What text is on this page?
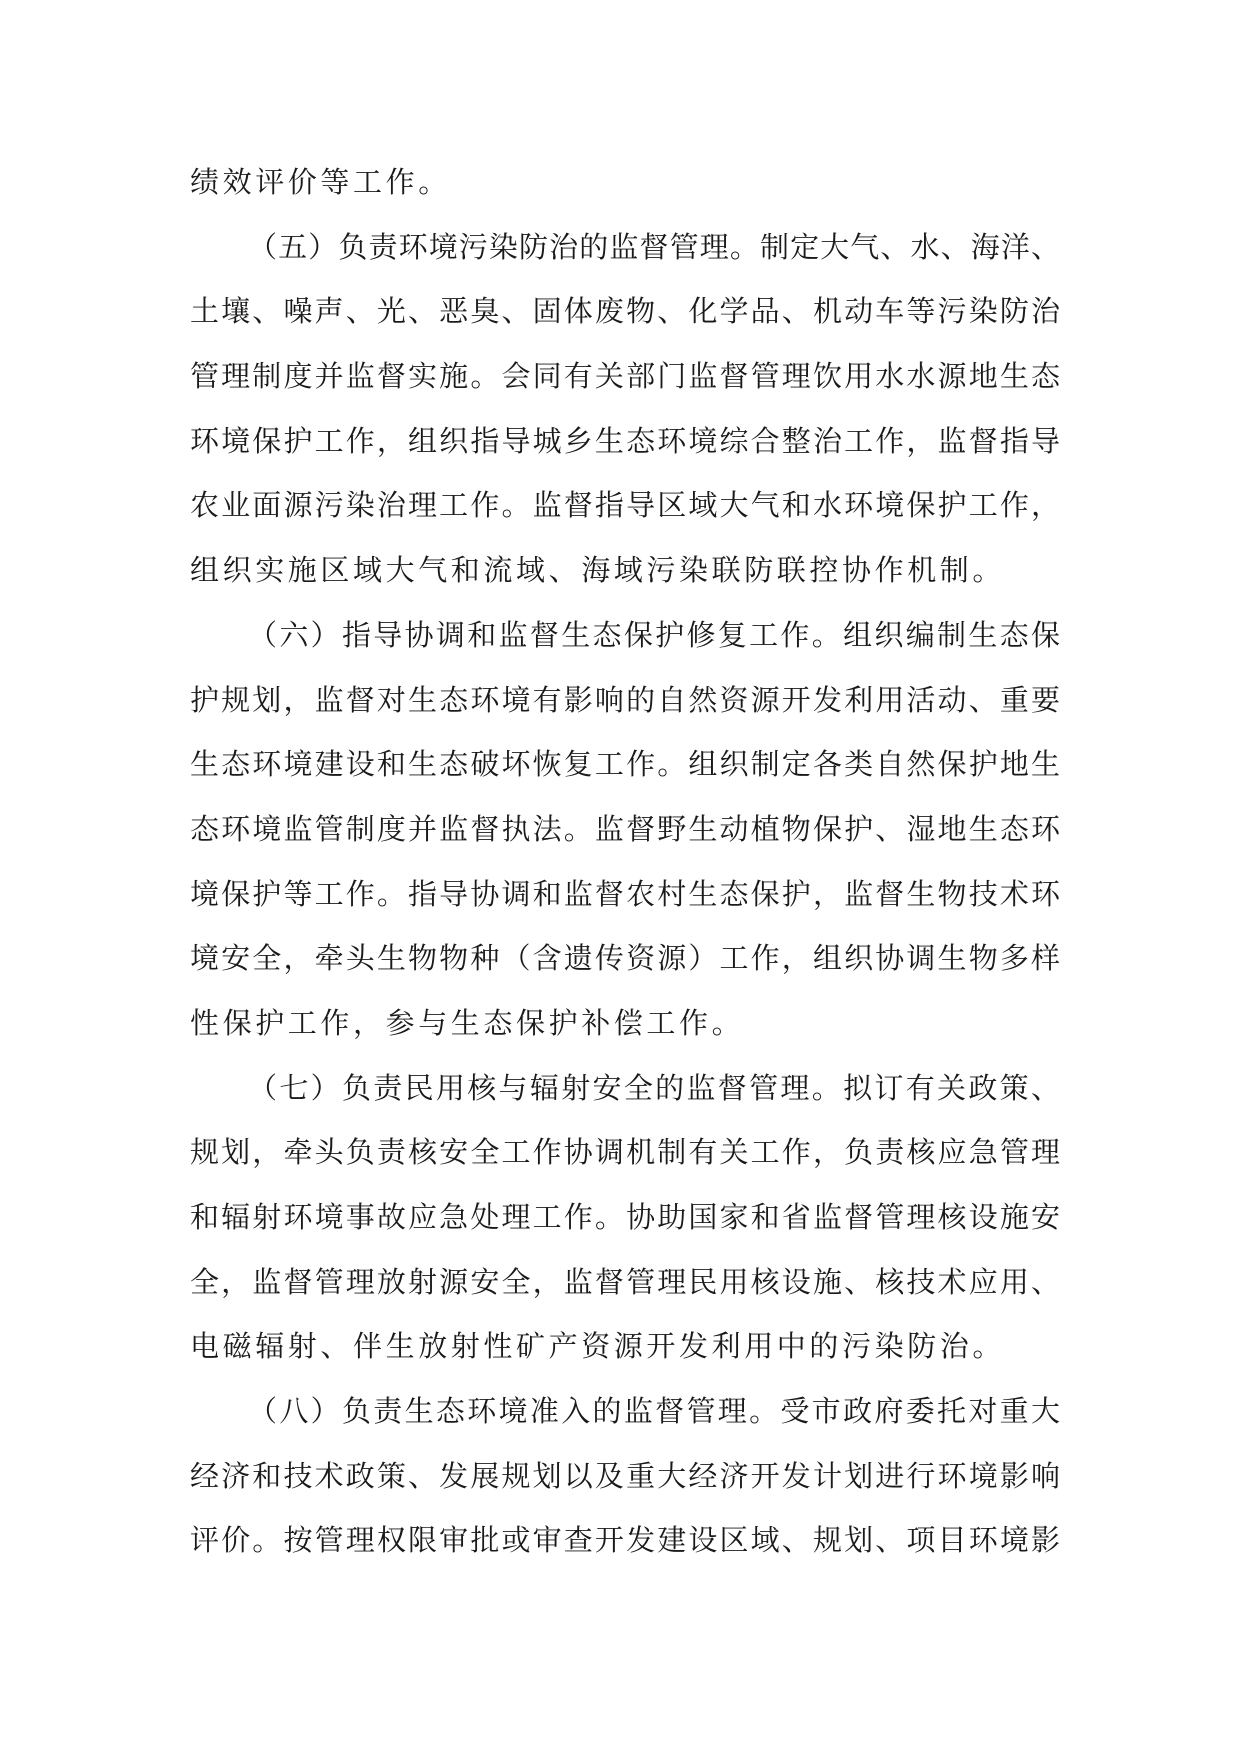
绩效评价等工作。
（五）负责环境污染防治的监督管理。制定大气、水、海洋、
土壤、噪声、光、恶臭、固体废物、化学品、机动车等污染防治
管理制度并监督实施。会同有关部门监督管理饮用水水源地生态
环境保护工作，组织指导城乡生态环境综合整治工作，监督指导
农业面源污染治理工作。监督指导区域大气和水环境保护工作，
组织实施区域大气和流域、海域污染联防联控协作机制。
（六）指导协调和监督生态保护修复工作。组织编制生态保
护规划，监督对生态环境有影响的自然资源开发利用活动、重要
生态环境建设和生态破坏恢复工作。组织制定各类自然保护地生
态环境监管制度并监督执法。监督野生动植物保护、湿地生态环
境保护等工作。指导协调和监督农村生态保护，监督生物技术环
境安全，牵头生物物种（含遗传资源）工作，组织协调生物多样
性保护工作，参与生态保护补偿工作。
（七）负责民用核与辐射安全的监督管理。拟订有关政策、
规划，牵头负责核安全工作协调机制有关工作，负责核应急管理
和辐射环境事故应急处理工作。协助国家和省监督管理核设施安
全，监督管理放射源安全，监督管理民用核设施、核技术应用、
电磁辐射、伴生放射性矿产资源开发利用中的污染防治。
（八）负责生态环境准入的监督管理。受市政府委托对重大
经济和技术政策、发展规划以及重大经济开发计划进行环境影响
评价。按管理权限审批或审查开发建设区域、规划、项目环境影
